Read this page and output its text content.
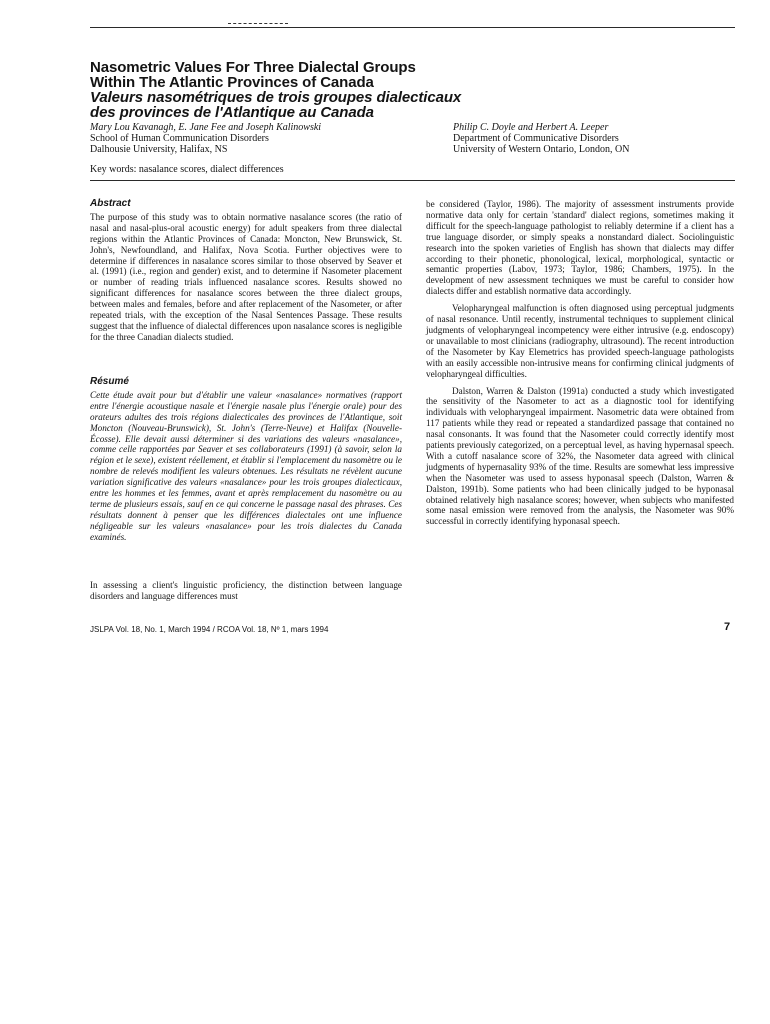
Nasometric Values For Three Dialectal Groups
Within The Atlantic Provinces of Canada
Valeurs nasométriques de trois groupes dialecticaux
des provinces de l'Atlantique au Canada
Mary Lou Kavanagh, E. Jane Fee and Joseph Kalinowski
School of Human Communication Disorders
Dalhousie University, Halifax, NS
Philip C. Doyle and Herbert A. Leeper
Department of Communicative Disorders
University of Western Ontario, London, ON
Key words: nasalance scores, dialect differences
Abstract

The purpose of this study was to obtain normative nasalance scores (the ratio of nasal and nasal-plus-oral acoustic energy) for adult speakers from three dialectal regions within the Atlantic Provinces of Canada: Moncton, New Brunswick, St. John's, Newfoundland, and Halifax, Nova Scotia. Further objectives were to determine if differences in nasalance scores similar to those observed by Seaver et al. (1991) (i.e., region and gender) exist, and to determine if Nasometer placement or number of reading trials influenced nasalance scores. Results showed no significant differences for nasalance scores between the three dialect groups, between males and females, before and after replacement of the Nasometer, or after repeated trials, with the exception of the Nasal Sentences Passage. These results suggest that the influence of dialectal differences upon nasalance scores is negligible for the three Canadian dialects studied.

Résumé

Cette étude avait pour but d'établir une valeur «nasalance» normatives (rapport entre l'énergie acoustique nasale et l'énergie nasale plus l'énergie orale) pour des orateurs adultes des trois régions dialecticales des provinces de l'Atlantique, soit Moncton (Nouveau-Brunswick), St. John's (Terre-Neuve) et Halifax (Nouvelle-Écosse). Elle devait aussi déterminer si des variations des valeurs «nasalance», comme celle rapportées par Seaver et ses collaborateurs (1991) (à savoir, selon la région et le sexe), existent réellement, et établir si l'emplacement du nasomètre ou le nombre de relevés modifient les valeurs obtenues. Les résultats ne révèlent aucune variation significative des valeurs «nasalance» pour les trois groupes dialecticaux, entre les hommes et les femmes, avant et après remplacement du nasomètre ou au terme de plusieurs essais, sauf en ce qui concerne le passage nasal des phrases. Ces résultats donnent à penser que les différences dialectales ont une influence négligeable sur les valeurs «nasalance» pour les trois dialectes du Canada examinés.

In assessing a client's linguistic proficiency, the distinction between language disorders and language differences must

be considered (Taylor, 1986). The majority of assessment instruments provide normative data only for certain 'standard' dialect regions, sometimes making it difficult for the speech-language pathologist to reliably determine if a client has a true language disorder, or simply speaks a nonstandard dialect. Sociolinguistic research into the spoken varieties of English has shown that dialects may differ according to their phonetic, phonological, lexical, morphological, syntactic or semantic properties (Labov, 1973; Taylor, 1986; Chambers, 1975). In the development of new assessment techniques we must be careful to consider how dialects differ and establish normative data accordingly.

Velopharyngeal malfunction is often diagnosed using perceptual judgments of nasal resonance. Until recently, instrumental techniques to supplement clinical judgments of velopharyngeal incompetency were either intrusive (e.g. endoscopy) or unavailable to most clinicians (radiography, ultrasound). The recent introduction of the Nasometer by Kay Elemetrics has provided speech-language pathologists with an easily accessible non-intrusive means for confirming clinical judgments of velopharyngeal difficulties.

Dalston, Warren & Dalston (1991a) conducted a study which investigated the sensitivity of the Nasometer to act as a diagnostic tool for identifying individuals with velopharyngeal impairment. Nasometric data were obtained from 117 patients while they read or repeated a standardized passage that contained no nasal consonants. It was found that the Nasometer could correctly identify most patients previously categorized, on a perceptual level, as having hypernasal speech. With a cutoff nasalance score of 32%, the Nasometer data agreed with clinical judgments of hypernasality 93% of the time. Results are somewhat less impressive when the Nasometer was used to assess hyponasal speech (Dalston, Warren & Dalston, 1991b). Some patients who had been clinically judged to be hyponasal obtained relatively high nasalance scores; however, when subjects who manifested some nasal emission were removed from the analysis, the Nasometer was 90% successful in correctly identifying hyponasal speech.

JSLPA Vol. 18, No. 1, March 1994 / RCOA Vol. 18, Nº 1, mars 1994	7
